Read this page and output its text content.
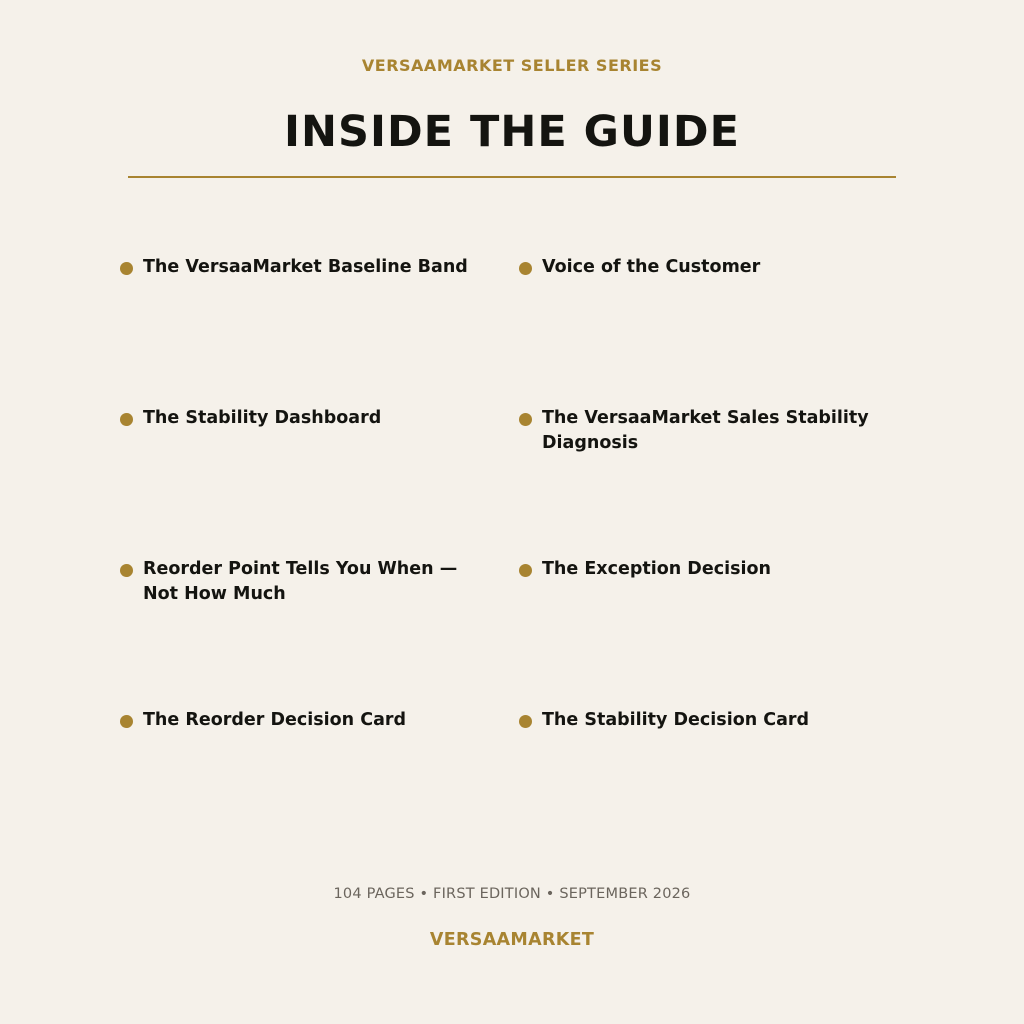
VERSAAMARKET SELLER SERIES
INSIDE THE GUIDE
The VersaaMarket Baseline Band	Voice of the Customer
The Stability Dashboard	The VersaaMarket Sales Stability Diagnosis
Reorder Point Tells You When — Not How Much
The Exception Decision
The Reorder Decision Card	The Stability Decision Card
104 PAGES • FIRST EDITION • SEPTEMBER 2026
VERSAAMARKET
